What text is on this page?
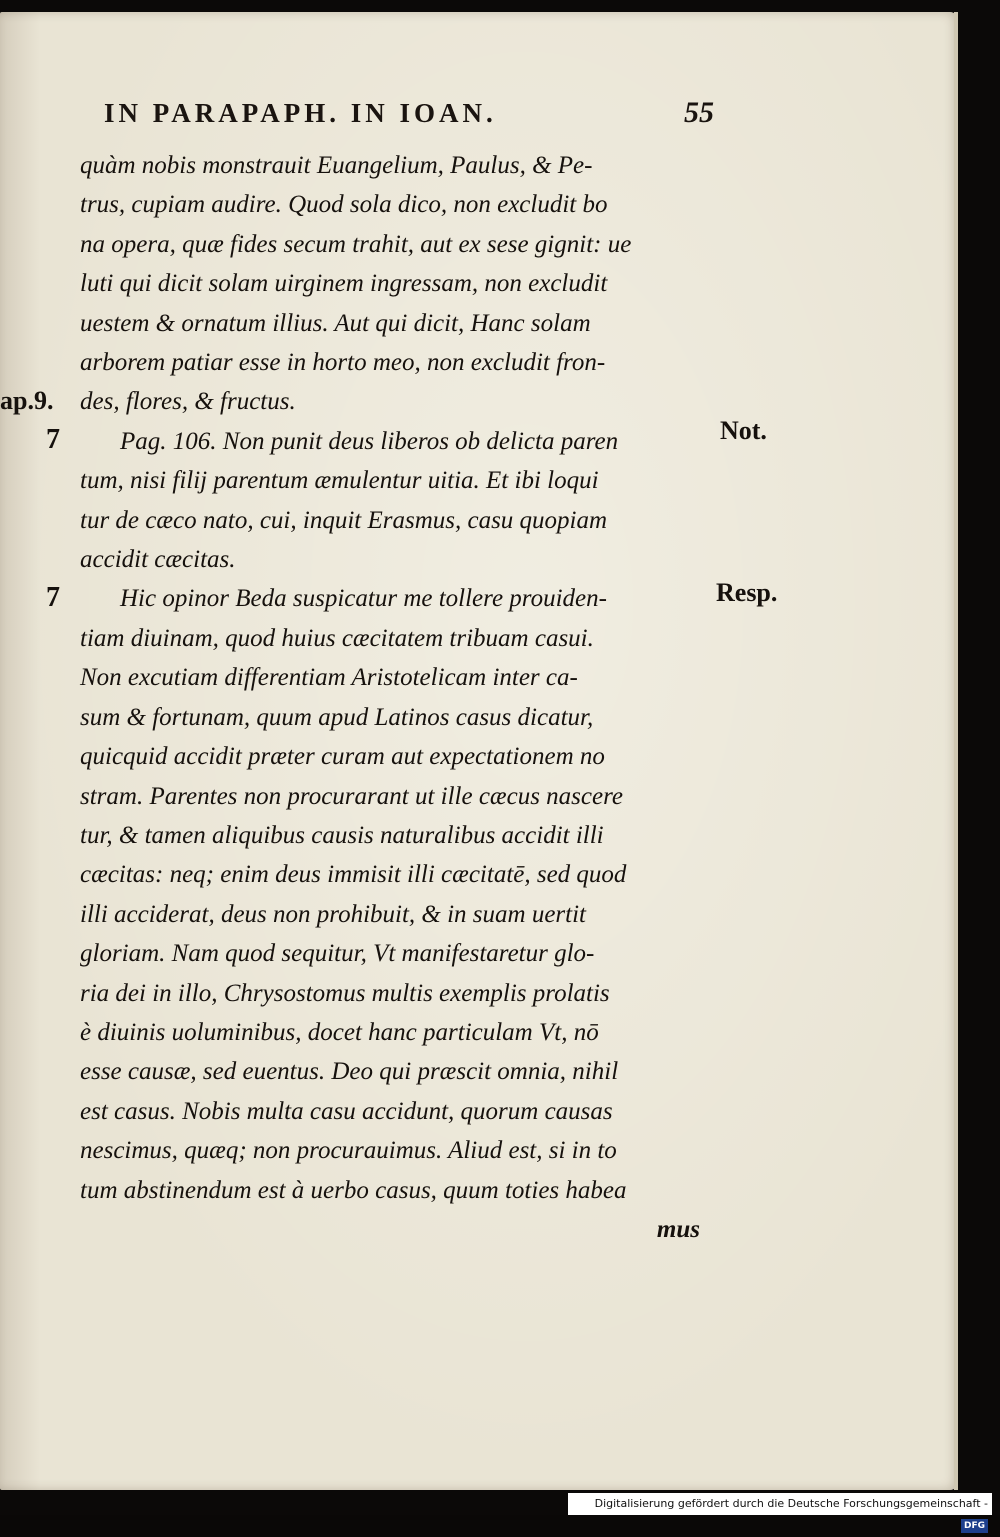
IN PARAPAPH. IN IOAN.	55
ap.9.
7
7
Not.
Resp.
quàm nobis monstrauit Euangelium, Paulus, & Pe-
trus, cupiam audire. Quod sola dico, non excludit bo
na opera, quæ fides secum trahit, aut ex sese gignit: ue
luti qui dicit solam uirginem ingressam, non excludit
uestem & ornatum illius. Aut qui dicit, Hanc solam
arborem patiar esse in horto meo, non excludit fron-
des, flores, & fructus.
Pag. 106. Non punit deus liberos ob delicta paren
tum, nisi filij parentum æmulentur uitia. Et ibi loqui
tur de cæco nato, cui, inquit Erasmus, casu quopiam
accidit cæcitas.
Hic opinor Beda suspicatur me tollere prouiden-
tiam diuinam, quod huius cæcitatem tribuam casui.
Non excutiam differentiam Aristotelicam inter ca-
sum & fortunam, quum apud Latinos casus dicatur,
quicquid accidit præter curam aut expectationem no
stram. Parentes non procurarant ut ille cæcus nascere
tur, & tamen aliquibus causis naturalibus accidit illi
cæcitas: neq; enim deus immisit illi cæcitatē, sed quod
illi acciderat, deus non prohibuit, & in suam uertit
gloriam. Nam quod sequitur, Vt manifestaretur glo-
ria dei in illo, Chrysostomus multis exemplis prolatis
è diuinis uoluminibus, docet hanc particulam Vt, nō
esse causæ, sed euentus. Deo qui præscit omnia, nihil
est casus. Nobis multa casu accidunt, quorum causas
nescimus, quæq; non procurauimus. Aliud est, si in to
tum abstinendum est à uerbo casus, quum toties habea
mus
Digitalisierung gefördert durch die Deutsche Forschungsgemeinschaft - DFG
